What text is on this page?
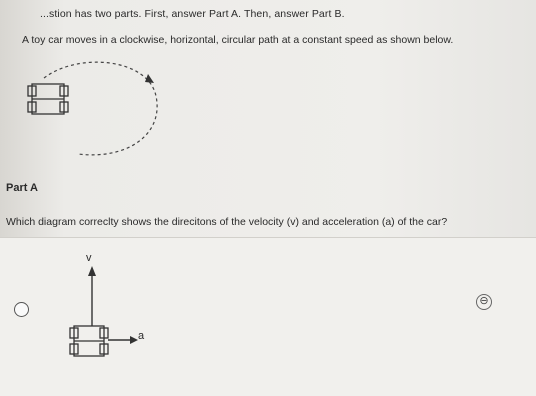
...stion has two parts. First, answer Part A. Then, answer Part B.
A toy car moves in a clockwise, horizontal, circular path at a constant speed as shown below.
Part A
Which diagram correclty shows the direcitons of the velocity (v) and acceleration (a) of the car?
v
a
⊖
